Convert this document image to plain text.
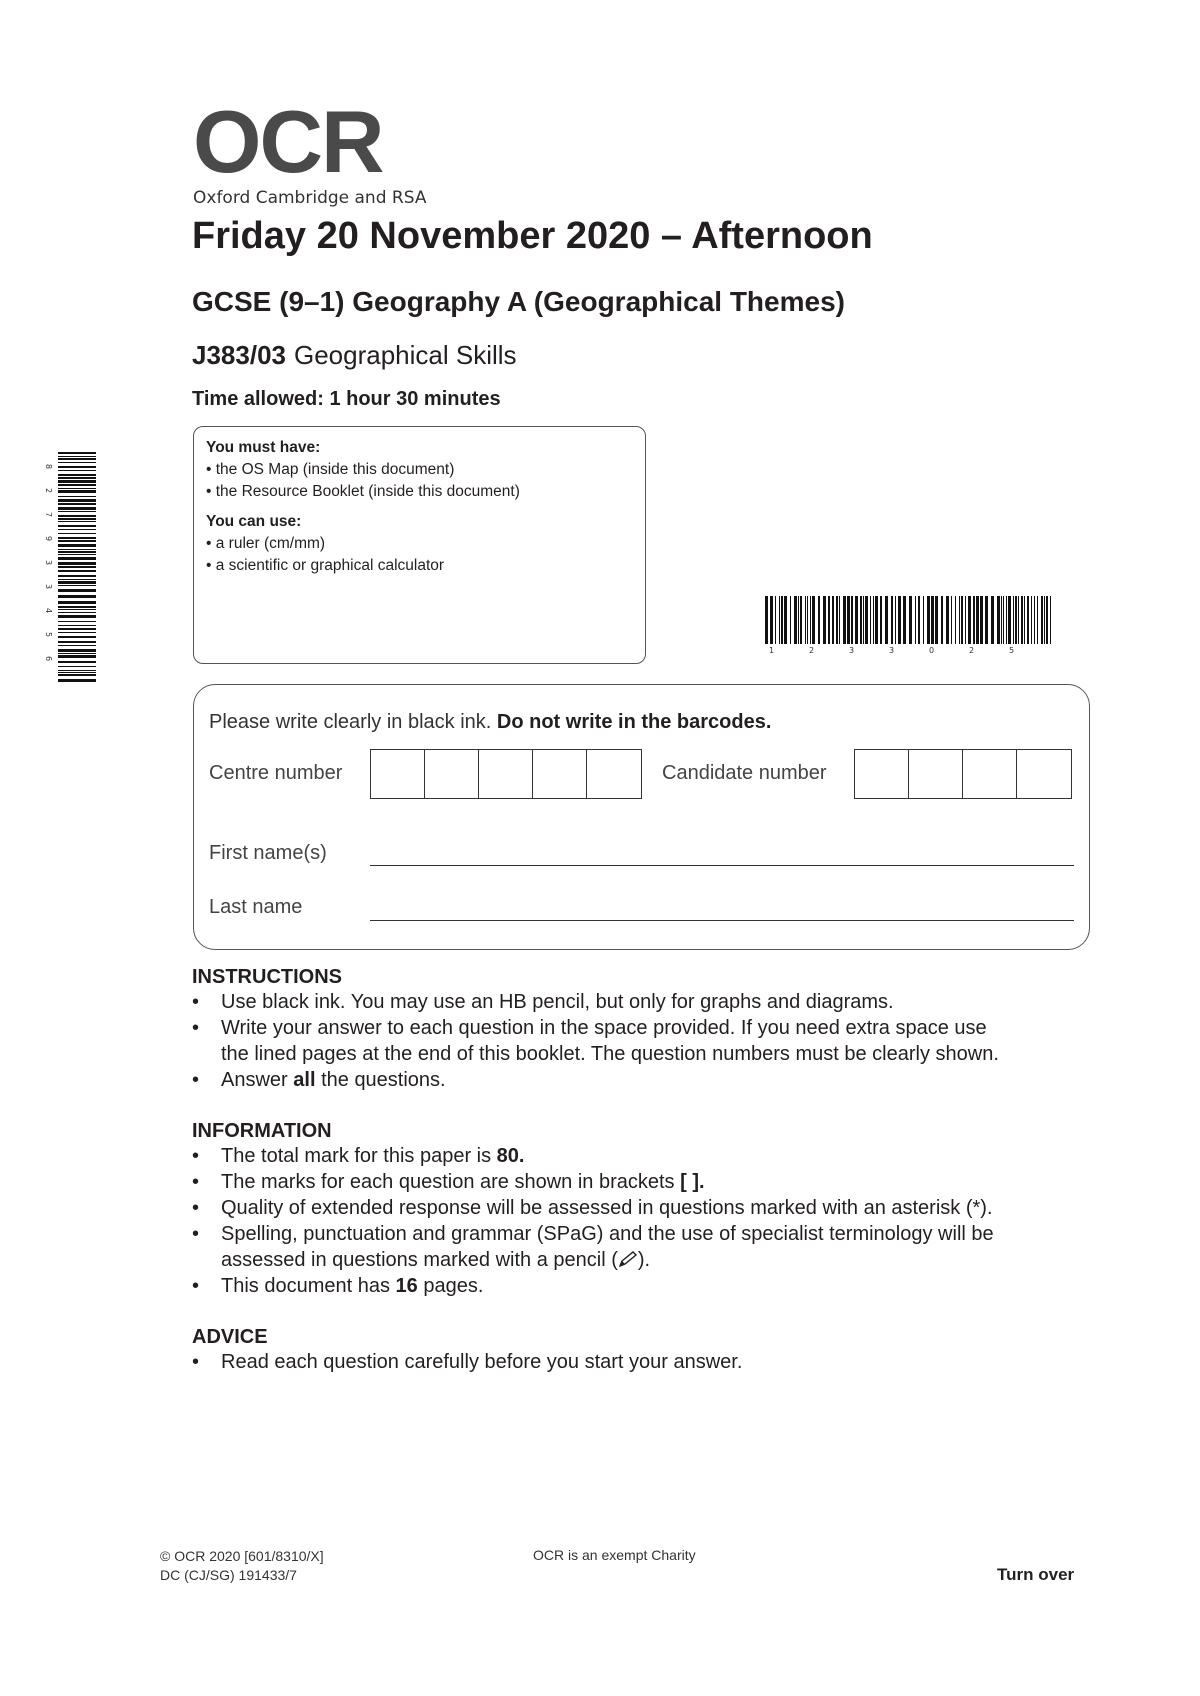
OCR
Oxford Cambridge and RSA
Friday 20 November 2020 – Afternoon
GCSE (9–1) Geography A (Geographical Themes)
J383/03 Geographical Skills
Time allowed: 1 hour 30 minutes
8
2
7
9
3
3
4
5
6
You must have:
• the OS Map (inside this document)
• the Resource Booklet (inside this document)
You can use:
• a ruler (cm/mm)
• a scientific or graphical calculator
1	2	3	3	0	2	5
Please write clearly in black ink. Do not write in the barcodes.
Centre number	Candidate number
First name(s)
Last name
INSTRUCTIONS
• Use black ink. You may use an HB pencil, but only for graphs and diagrams.
• Write your answer to each question in the space provided. If you need extra space use
the lined pages at the end of this booklet. The question numbers must be clearly shown.
• Answer all the questions.
INFORMATION
• The total mark for this paper is 80.
• The marks for each question are shown in brackets [ ].
• Quality of extended response will be assessed in questions marked with an asterisk (*).
• Spelling, punctuation and grammar (SPaG) and the use of specialist terminology will be
assessed in questions marked with a pencil ( ).
• This document has 16 pages.
ADVICE
• Read each question carefully before you start your answer.
© OCR 2020 [601/8310/X]
DC (CJ/SG) 191433/7
OCR is an exempt Charity
Turn over
